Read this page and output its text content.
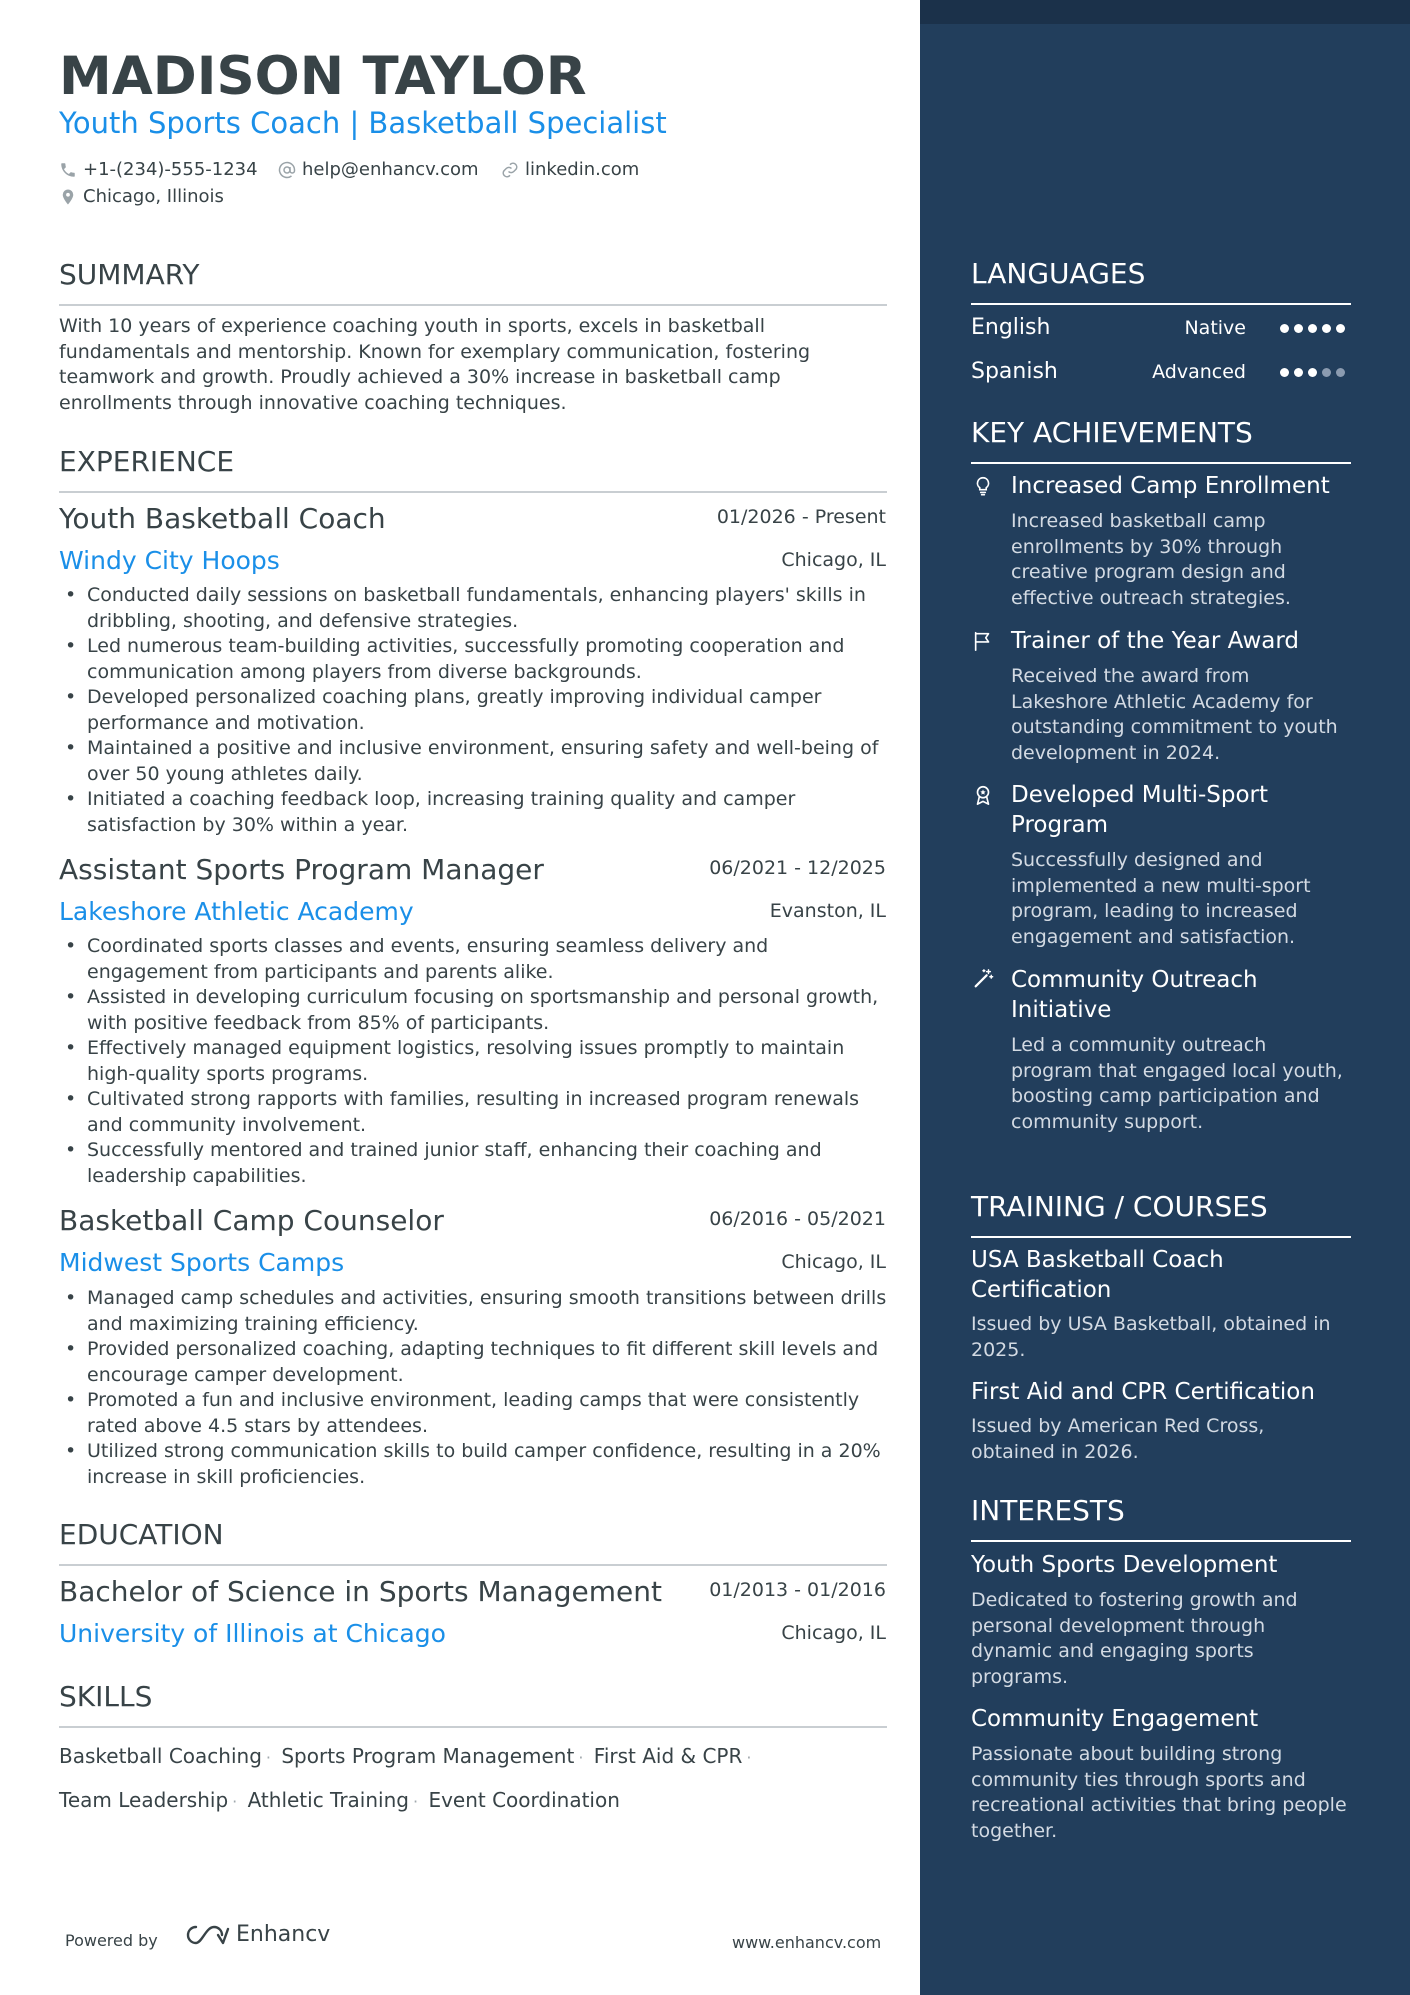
MADISON TAYLOR
Youth Sports Coach | Basketball Specialist
+1-(234)-555-1234 help@enhancv.com	linkedin.com
Chicago, Illinois
SUMMARY
With 10 years of experience coaching youth in sports, excels in basketball fundamentals and mentorship. Known for exemplary communication, fostering teamwork and growth. Proudly achieved a 30% increase in basketball camp enrollments through innovative coaching techniques.
EXPERIENCE
Youth Basketball Coach	01/2026 - Present
Windy City Hoops	Chicago, IL
• Conducted daily sessions on basketball fundamentals, enhancing players' skills in dribbling, shooting, and defensive strategies.
• Led numerous team-building activities, successfully promoting cooperation and communication among players from diverse backgrounds.
• Developed personalized coaching plans, greatly improving individual camper performance and motivation.
• Maintained a positive and inclusive environment, ensuring safety and well-being of over 50 young athletes daily.
• Initiated a coaching feedback loop, increasing training quality and camper satisfaction by 30% within a year.
Assistant Sports Program Manager	06/2021 - 12/2025
Lakeshore Athletic Academy	Evanston, IL
• Coordinated sports classes and events, ensuring seamless delivery and engagement from participants and parents alike.
• Assisted in developing curriculum focusing on sportsmanship and personal growth, with positive feedback from 85% of participants.
• Effectively managed equipment logistics, resolving issues promptly to maintain high-quality sports programs.
• Cultivated strong rapports with families, resulting in increased program renewals and community involvement.
• Successfully mentored and trained junior staff, enhancing their coaching and leadership capabilities.
Basketball Camp Counselor	06/2016 - 05/2021
Midwest Sports Camps	Chicago, IL
• Managed camp schedules and activities, ensuring smooth transitions between drills and maximizing training efficiency.
• Provided personalized coaching, adapting techniques to fit different skill levels and encourage camper development.
• Promoted a fun and inclusive environment, leading camps that were consistently rated above 4.5 stars by attendees.
• Utilized strong communication skills to build camper confidence, resulting in a 20% increase in skill proficiencies.
EDUCATION
Bachelor of Science in Sports Management 01/2013 - 01/2016
University of Illinois at Chicago	Chicago, IL
SKILLS
Basketball Coaching · Sports Program Management · First Aid & CPR ·
Team Leadership · Athletic Training · Event Coordination
Powered by	Enhancv	www.enhancv.com
LANGUAGES
English	Native
Spanish	Advanced
KEY ACHIEVEMENTS
Increased Camp Enrollment
Increased basketball camp enrollments by 30% through creative program design and effective outreach strategies.
Trainer of the Year Award
Received the award from Lakeshore Athletic Academy for outstanding commitment to youth development in 2024.
Developed Multi-Sport Program
Successfully designed and implemented a new multi-sport program, leading to increased engagement and satisfaction.
Community Outreach Initiative
Led a community outreach program that engaged local youth, boosting camp participation and community support.
TRAINING / COURSES
USA Basketball Coach Certification
Issued by USA Basketball, obtained in 2025.
First Aid and CPR Certification
Issued by American Red Cross, obtained in 2026.
INTERESTS
Youth Sports Development
Dedicated to fostering growth and personal development through dynamic and engaging sports programs.
Community Engagement
Passionate about building strong community ties through sports and recreational activities that bring people together.
